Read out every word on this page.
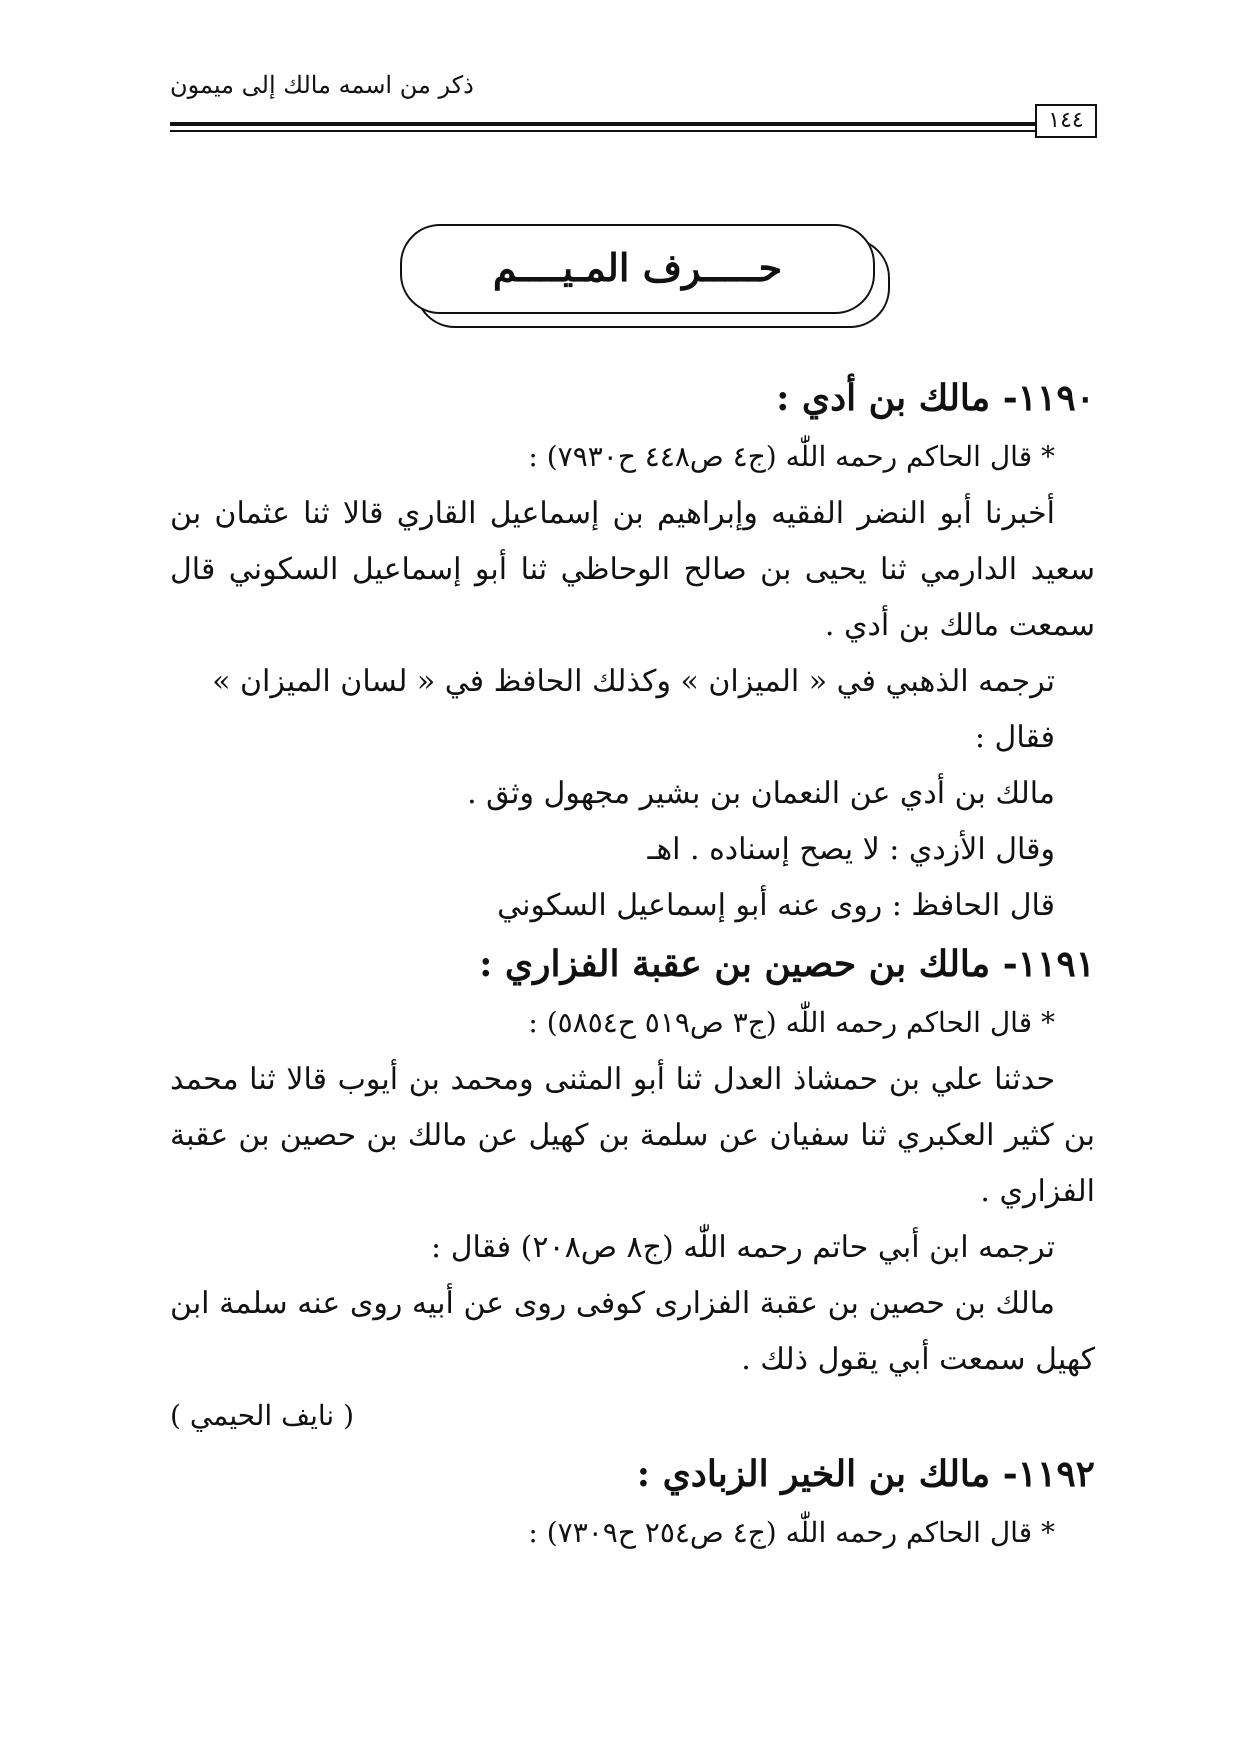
ذكر من اسمه مالك إلى ميمون
١٤٤
حـــــرف المـيــــم

١١٩٠- مالك بن أدي :

* قال الحاكم رحمه اللّٰه (ج٤ ص٤٤٨ ح٧٩٣٠) :

أخبرنا أبو النضر الفقيه وإبراهيم بن إسماعيل القاري قالا ثنا عثمان بن سعيد الدارمي ثنا يحيى بن صالح الوحاظي ثنا أبو إسماعيل السكوني قال سمعت مالك بن أدي .

ترجمه الذهبي في « الميزان » وكذلك الحافظ في « لسان الميزان » فقال :

مالك بن أدي عن النعمان بن بشير مجهول وثق .

وقال الأزدي : لا يصح إسناده . اهـ

قال الحافظ : روى عنه أبو إسماعيل السكوني

١١٩١- مالك بن حصين بن عقبة الفزاري :

* قال الحاكم رحمه اللّٰه (ج٣ ص٥١٩ ح٥٨٥٤) :

حدثنا علي بن حمشاذ العدل ثنا أبو المثنى ومحمد بن أيوب قالا ثنا محمد بن كثير العكبري ثنا سفيان عن سلمة بن كهيل عن مالك بن حصين بن عقبة الفزاري .

ترجمه ابن أبي حاتم رحمه اللّٰه (ج٨ ص٢٠٨) فقال :

مالك بن حصين بن عقبة الفزارى كوفى روى عن أبيه روى عنه سلمة ابن كهيل سمعت أبي يقول ذلك .

( نايف الحيمي )

١١٩٢- مالك بن الخير الزبادي :

* قال الحاكم رحمه اللّٰه (ج٤ ص٢٥٤ ح٧٣٠٩) :
